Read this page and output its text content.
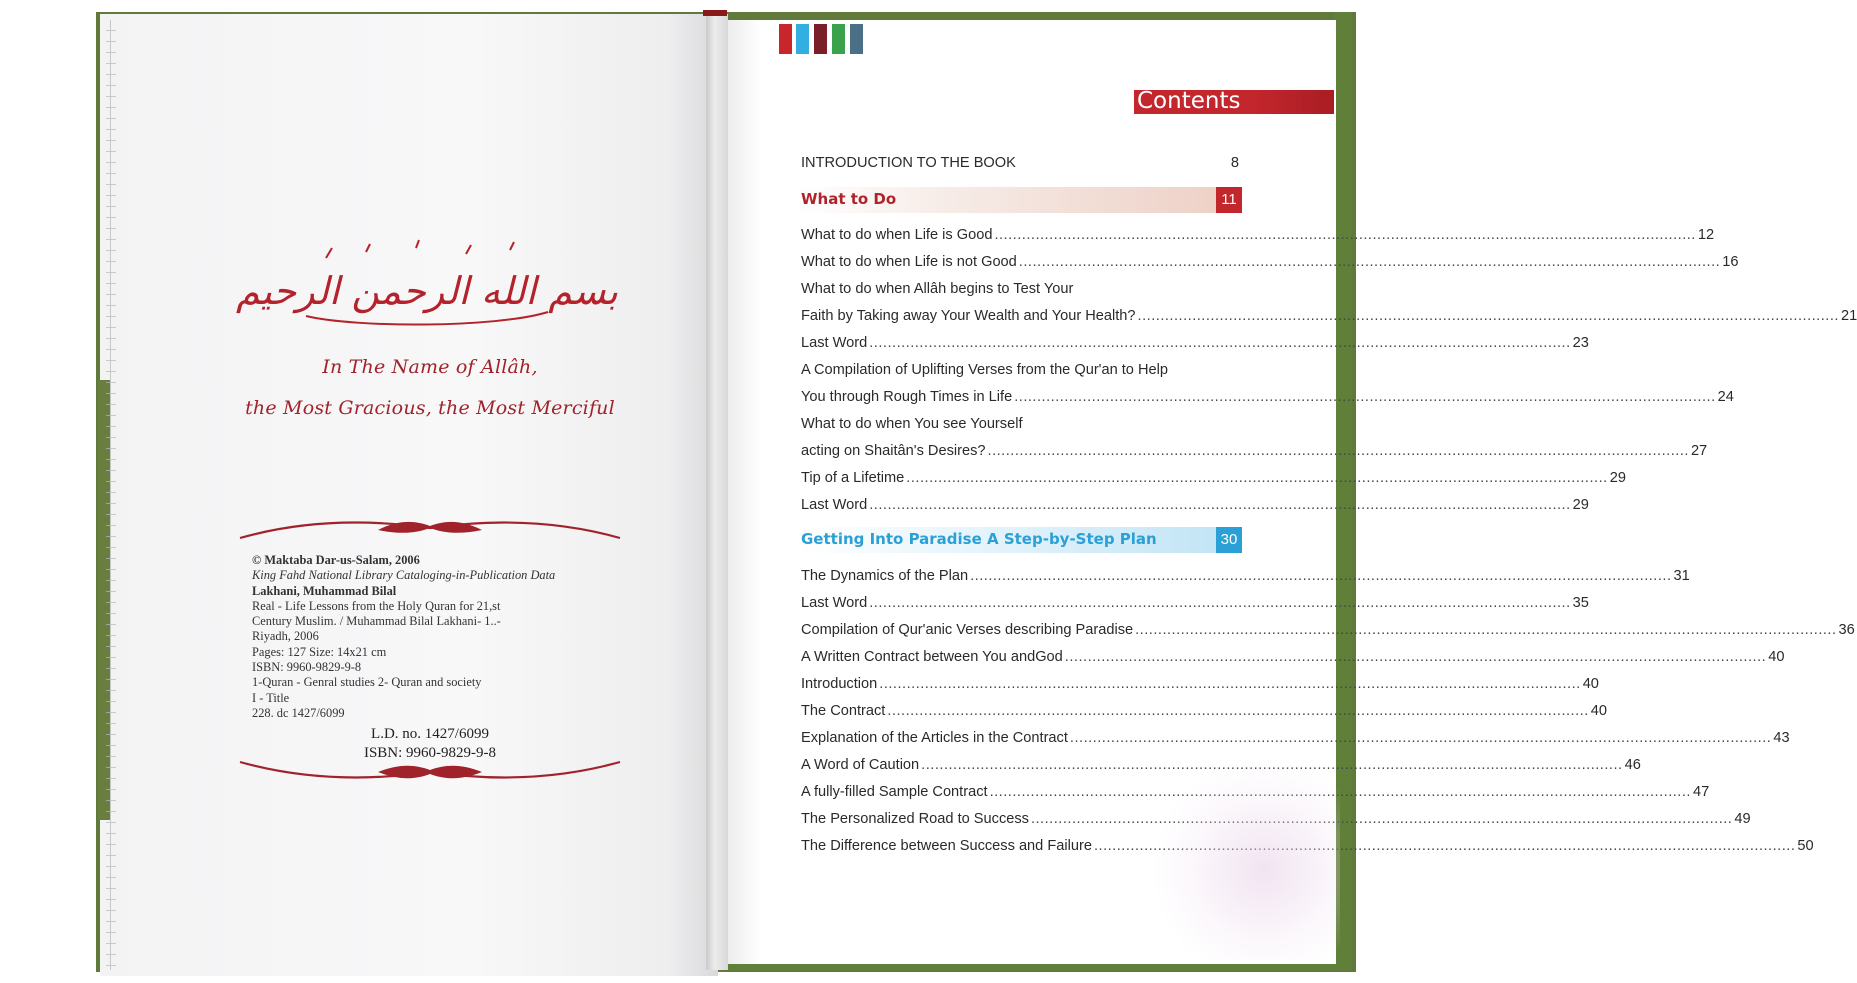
بسم الله الرحمن الرحيم
In The Name of Allâh,
the Most Gracious, the Most Merciful
© Maktaba Dar-us-Salam, 2006
King Fahd National Library Cataloging-in-Publication Data
Lakhani, Muhammad Bilal
Real - Life Lessons from the Holy Quran for 21,st
Century Muslim. / Muhammad Bilal Lakhani- 1..-
Riyadh, 2006
Pages: 127 Size: 14x21 cm
ISBN: 9960-9829-9-8
1-Quran - Genral studies 2- Quran and society
I - Title
228. dc 1427/6099
L.D. no. 1427/6099
ISBN: 9960-9829-9-8
Contents
INTRODUCTION TO THE BOOK	8
What to Do	11
What to do when Life is Good .....	12
What to do when Life is not Good .....	16
What to do when Allâh begins to Test Your
Faith by Taking away Your Wealth and Your Health? .....	21
Last Word .....	23
A Compilation of Uplifting Verses from the Qur'an to Help
You through Rough Times in Life .....	24
What to do when You see Yourself
acting on Shaitân's Desires? .....	27
Tip of a Lifetime .....	29
Last Word .....	29
Getting Into Paradise A Step-by-Step Plan	30
The Dynamics of the Plan .....	31
Last Word .....	35
Compilation of Qur'anic Verses describing Paradise .....	36
A Written Contract between You andGod .....	40
Introduction .....	40
The Contract .....	40
Explanation of the Articles in the Contract .....	43
A Word of Caution .....	46
A fully-filled Sample Contract .....	47
The Personalized Road to Success .....	49
The Difference between Success and Failure .....	50
